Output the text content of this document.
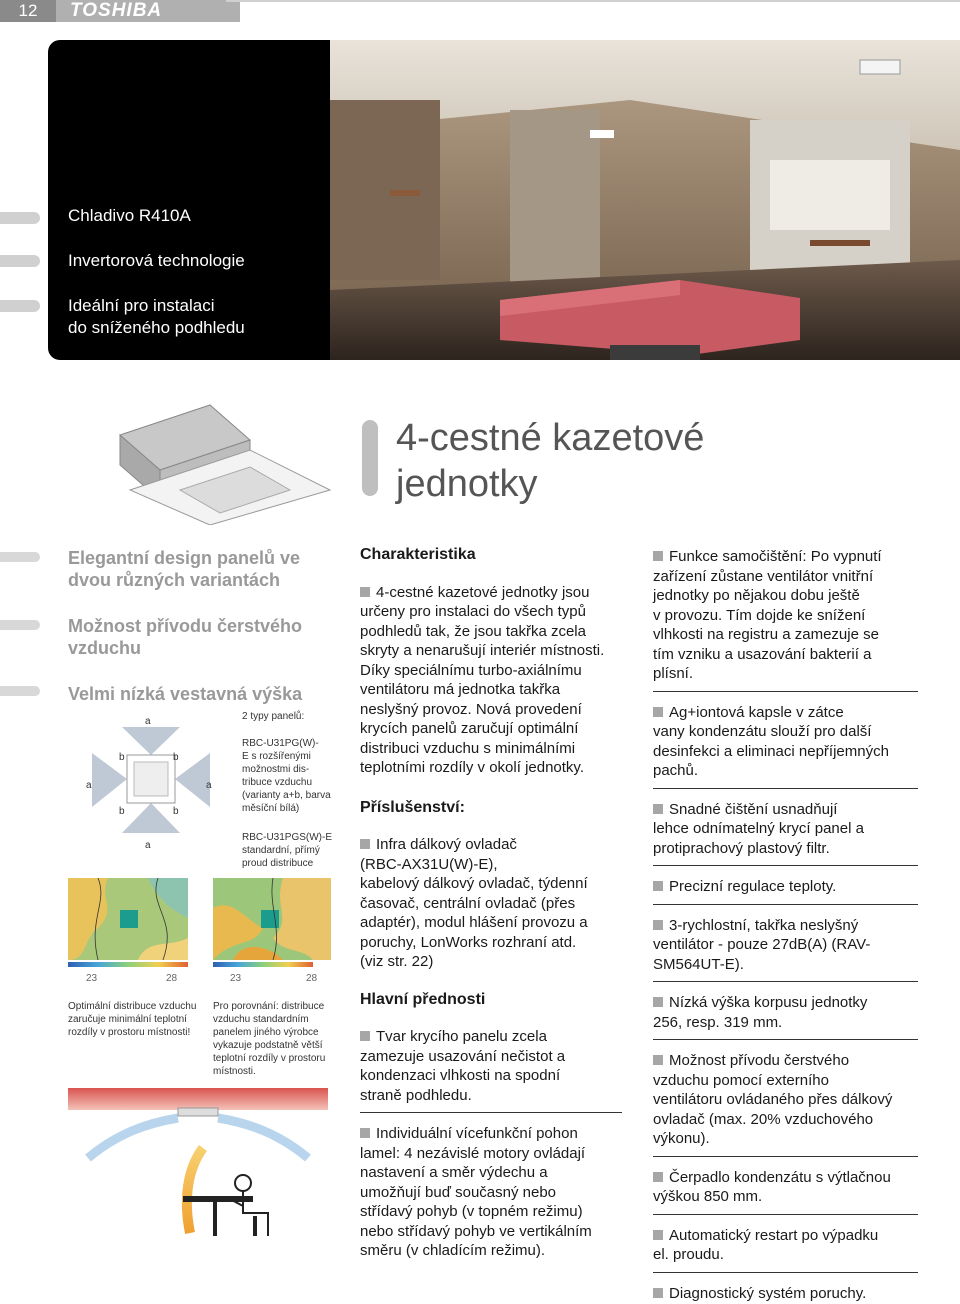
12	TOSHIBA
Chladivo R410A
Invertorová technologie
Ideální pro instalaci
do sníženého podhledu
4-cestné kazetové
jednotky
Elegantní design panelů ve
dvou různých variantách
Možnost přívodu čerstvého
vzduchu
Velmi nízká vestavná výška
a
a
a	a
b	b
b	b
2 typy panelů:
RBC-U31PG(W)-
E s rozšířenými
možnostmi dis-
tribuce vzduchu
(varianty a+b, barva
měsíční bílá)
RBC-U31PGS(W)-E
standardní, přímý
proud distribuce
23	28	23	28
Optimální distribuce vzduchu
zaručuje minimální teplotní
rozdíly v prostoru místnosti!
Pro porovnání: distribuce
vzduchu standardním
panelem jiného výrobce
vykazuje podstatně větší
teplotní rozdíly v prostoru
místnosti.
Charakteristika

4-cestné kazetové jednotky jsou

určeny pro instalaci do všech typů

podhledů tak, že jsou takřka zcela

skryty a nenarušují interiér místnosti.

Díky speciálnímu turbo-axiálnímu

ventilátoru má jednotka takřka

neslyšný provoz. Nová provedení

krycích panelů zaručují optimální

distribuci vzduchu s minimálními

teplotními rozdíly v okolí jednotky.

Příslušenství:

Infra dálkový ovladač

(RBC-AX31U(W)-E),

kabelový dálkový ovladač, týdenní

časovač, centrální ovladač (přes

adaptér), modul hlášení provozu a

poruchy, LonWorks rozhraní atd.

(viz str. 22)

Hlavní přednosti

Tvar krycího panelu zcela

zamezuje usazování nečistot a

kondenzaci vlhkosti na spodní

straně podhledu.

Individuální vícefunkční pohon

lamel: 4 nezávislé motory ovládají

nastavení a směr výdechu a

umožňují buď současný nebo

střídavý pohyb (v topném režimu)

nebo střídavý pohyb ve vertikálním

směru (v chladícím režimu).

Funkce samočištění: Po vypnutí

zařízení zůstane ventilátor vnitřní

jednotky po nějakou dobu ještě

v provozu. Tím dojde ke snížení

vlhkosti na registru a zamezuje se

tím vzniku a usazování bakterií a

plísní.

Ag+iontová kapsle v zátce

vany kondenzátu slouží pro další

desinfekci a eliminaci nepříjemných

pachů.

Snadné čištění usnadňují

lehce odnímatelný krycí panel a

protiprachový plastový filtr.

Precizní regulace teploty.

3-rychlostní, takřka neslyšný

ventilátor - pouze 27dB(A) (RAV-

SM564UT-E).

Nízká výška korpusu jednotky

256, resp. 319 mm.

Možnost přívodu čerstvého

vzduchu pomocí externího

ventilátoru ovládaného přes dálkový

ovladač (max. 20% vzduchového

výkonu).

Čerpadlo kondenzátu s výtlačnou

výškou 850 mm.

Automatický restart po výpadku

el. proudu.

Diagnostický systém poruchy.
